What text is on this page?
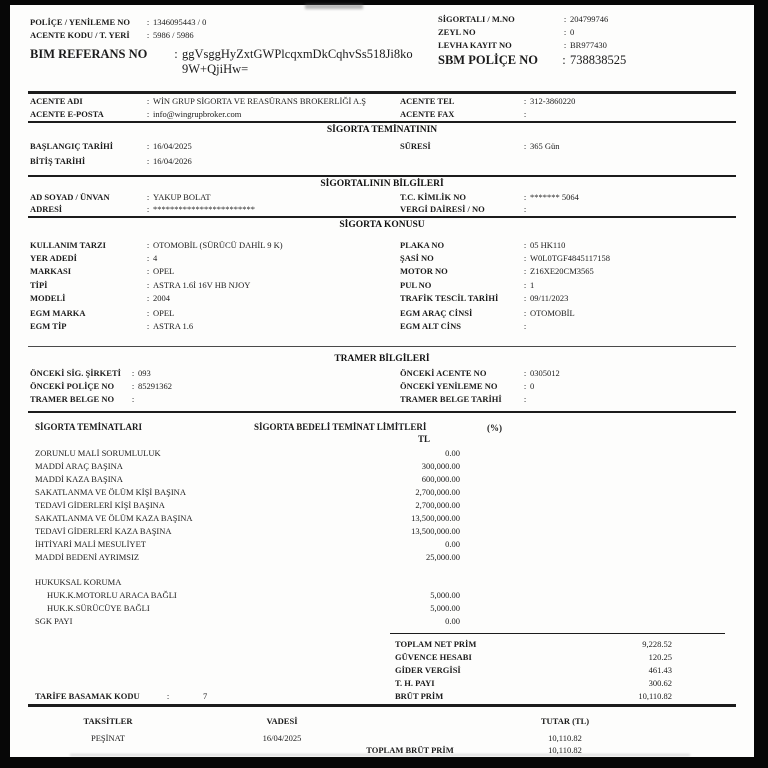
POLİÇE / YENİLEME NO :	1346095443 / 0
ACENTE KODU / T. YERİ :	5986 / 5986
SİGORTALI / M.NO :	204799746
ZEYL NO :	0
LEVHA KAYIT NO :	BR977430
BIM REFERANS NO :	ggVsggHyZxtGWPlcqxmDkCqhvSs518Ji8ko
9W+QjiHw=
SBM POLİÇE NO :	738838525
ACENTE ADI :	WİN GRUP SİGORTA VE REASÜRANS BROKERLİĞİ A.Ş
ACENTE E-POSTA :	info@wingrupbroker.com
ACENTE TEL :	312-3860220
ACENTE FAX
:
SİGORTA TEMİNATININ
BAŞLANGIÇ TARİHİ :	16/04/2025
BİTİŞ TARİHİ :	16/04/2026
SÜRESİ :	365 Gün
SİGORTALININ BİLGİLERİ
AD SOYAD / ÜNVAN :	YAKUP BOLAT
ADRESİ :	************************
T.C. KİMLİK NO :	******* 5064
VERGİ DAİRESİ / NO
:
SİGORTA KONUSU
KULLANIM TARZI :	OTOMOBİL (SÜRÜCÜ DAHİL 9 K)
YER ADEDİ :	4
MARKASI :	OPEL
TİPİ :	ASTRA 1.6İ 16V HB NJOY
MODELİ :	2004
EGM MARKA :	OPEL
EGM TİP :	ASTRA 1.6
PLAKA NO :	05 HK110
ŞASİ NO :	W0L0TGF4845117158
MOTOR NO :	Z16XE20CM3565
PUL NO :	1
TRAFİK TESCİL TARİHİ :	09/11/2023
EGM ARAÇ CİNSİ :	OTOMOBİL
EGM ALT CİNS
:
TRAMER BİLGİLERİ
ÖNCEKİ SİG. ŞİRKETİ :	093
ÖNCEKİ POLİÇE NO :	85291362
TRAMER BELGE NO
:
ÖNCEKİ ACENTE NO :	0305012
ÖNCEKİ YENİLEME NO :	0
TRAMER BELGE TARİHİ
:
SİGORTA TEMİNATLARI	SİGORTA BEDELİ TEMİNAT LİMİTLERİ	(%)
TL
ZORUNLU MALİ SORUMLULUK	0.00
MADDİ ARAÇ BAŞINA	300,000.00
MADDİ KAZA BAŞINA	600,000.00
SAKATLANMA VE ÖLÜM KİŞİ BAŞINA	2,700,000.00
TEDAVİ GİDERLERİ KİŞİ BAŞINA	2,700,000.00
SAKATLANMA VE ÖLÜM KAZA BAŞINA	13,500,000.00
TEDAVİ GİDERLERİ KAZA BAŞINA	13,500,000.00
İHTİYARİ MALİ MESULİYET	0.00
MADDİ BEDENİ AYRIMSIZ	25,000.00
HUKUKSAL KORUMA
HUK.K.MOTORLU ARACA BAĞLI	5,000.00
HUK.K.SÜRÜCÜYE BAĞLI	5,000.00
SGK PAYI	0.00
TOPLAM NET PRİM	9,228.52
GÜVENCE HESABI	120.25
GİDER VERGİSİ	461.43
T. H. PAYI	300.62
BRÜT PRİM	10,110.82
TARİFE BASAMAK KODU :	7
TAKSİTLER	VADESİ	TUTAR (TL)
PEŞİNAT	16/04/2025	10,110.82
TOPLAM BRÜT PRİM	10,110.82
